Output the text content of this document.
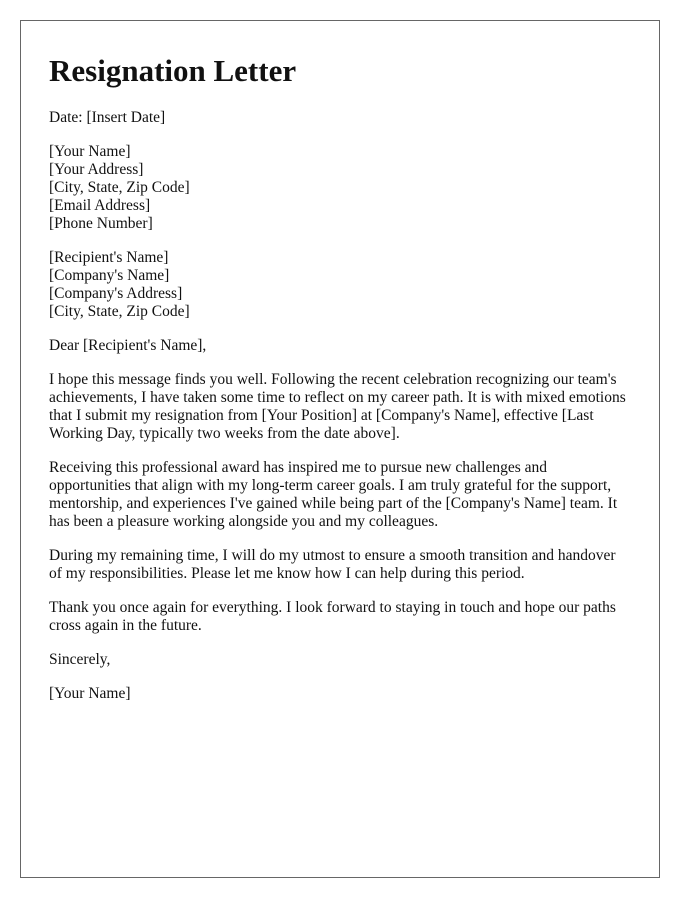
Resignation Letter
Date: [Insert Date]
[Your Name]
[Your Address]
[City, State, Zip Code]
[Email Address]
[Phone Number]
[Recipient's Name]
[Company's Name]
[Company's Address]
[City, State, Zip Code]

Dear [Recipient's Name],

I hope this message finds you well. Following the recent celebration recognizing our team's achievements, I have taken some time to reflect on my career path. It is with mixed emotions that I submit my resignation from [Your Position] at [Company's Name], effective [Last Working Day, typically two weeks from the date above].

Receiving this professional award has inspired me to pursue new challenges and opportunities that align with my long-term career goals. I am truly grateful for the support, mentorship, and experiences I've gained while being part of the [Company's Name] team. It has been a pleasure working alongside you and my colleagues.

During my remaining time, I will do my utmost to ensure a smooth transition and handover of my responsibilities. Please let me know how I can help during this period.

Thank you once again for everything. I look forward to staying in touch and hope our paths cross again in the future.

Sincerely,

[Your Name]
